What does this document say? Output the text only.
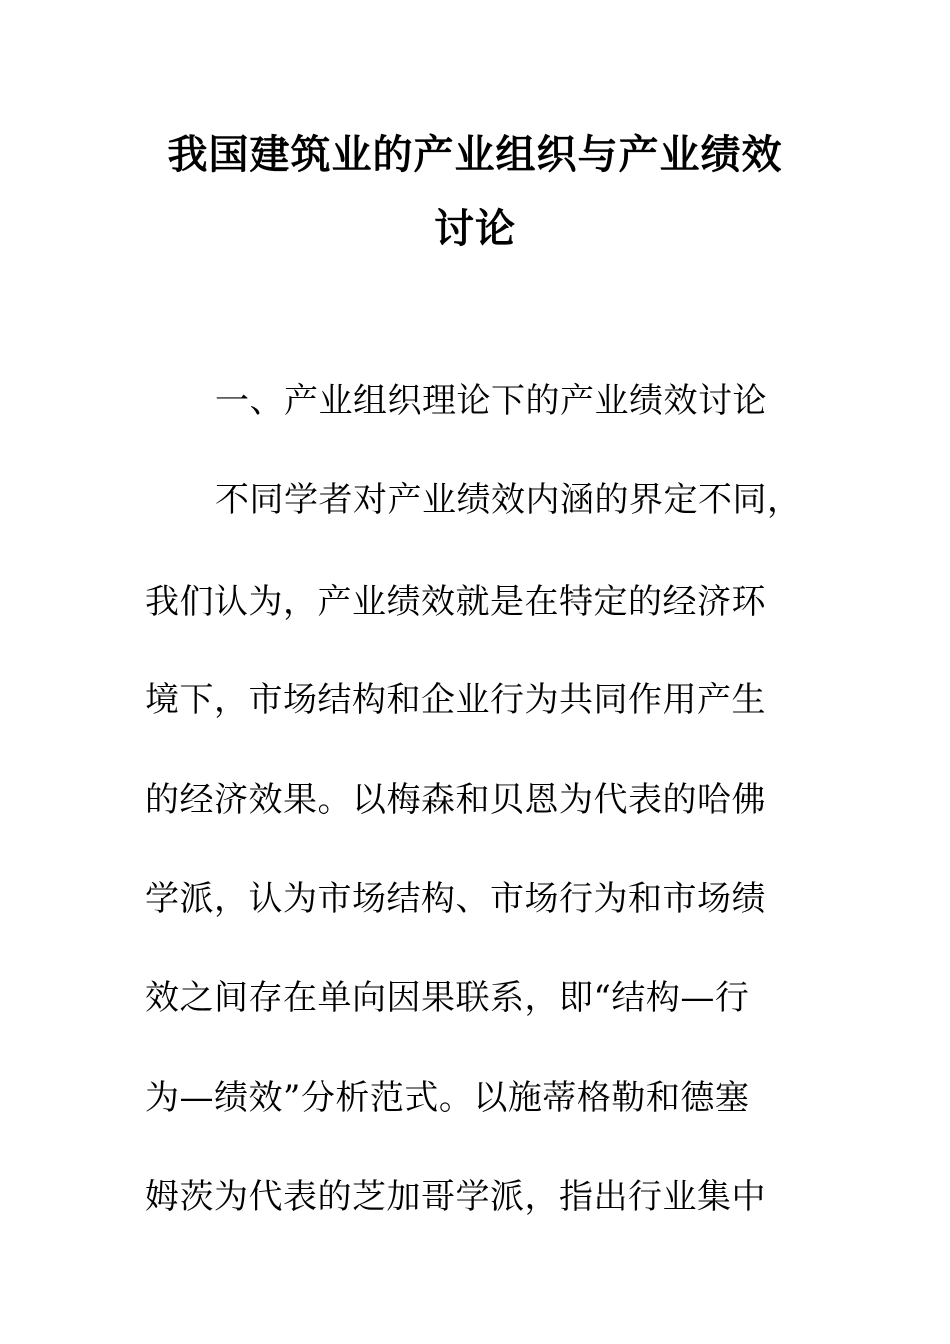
我国建筑业的产业组织与产业绩效
讨论
一、产业组织理论下的产业绩效讨论
不同学者对产业绩效内涵的界定不同，
我们认为，产业绩效就是在特定的经济环
境下，市场结构和企业行为共同作用产生
的经济效果。以梅森和贝恩为代表的哈佛
学派，认为市场结构、市场行为和市场绩
效之间存在单向因果联系，即“结构—行
为—绩效”分析范式。以施蒂格勒和德塞
姆茨为代表的芝加哥学派，指出行业集中
